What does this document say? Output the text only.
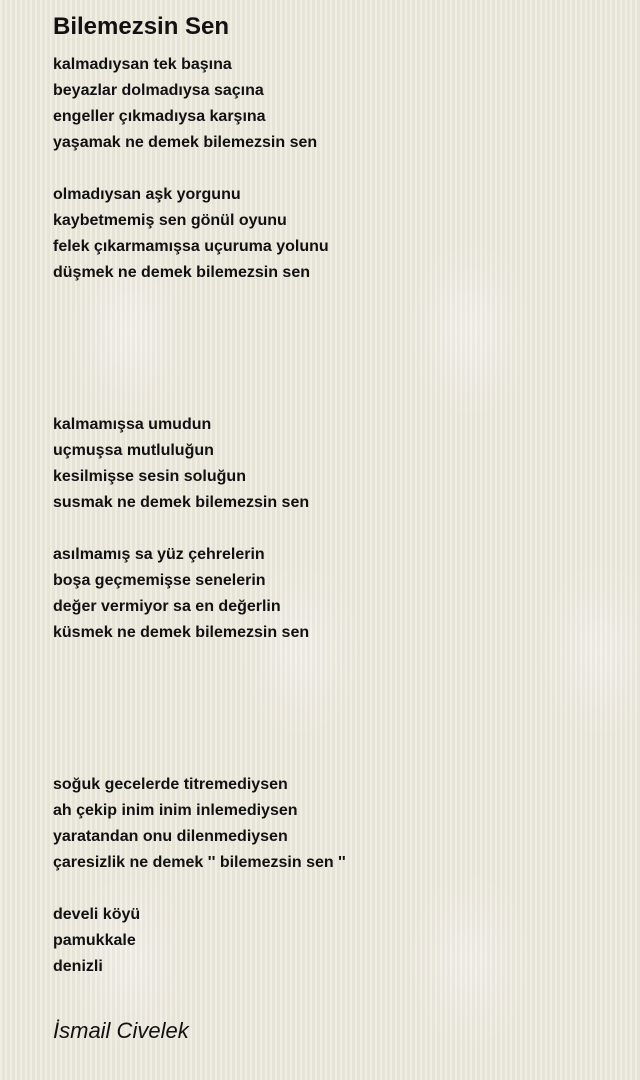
Bilemezsin Sen
kalmadıysan tek başına
beyazlar dolmadıysa saçına
engeller çıkmadıysa karşına
yaşamak ne demek bilemezsin sen
olmadıysan aşk yorgunu
kaybetmemiş sen gönül oyunu
felek çıkarmamışsa uçuruma yolunu
düşmek ne demek bilemezsin sen
kalmamışsa umudun
uçmuşsa mutluluğun
kesilmişse sesin soluğun
susmak ne demek bilemezsin sen
asılmamış sa yüz çehrelerin
boşa geçmemişse senelerin
değer vermiyor sa en değerlin
küsmek ne demek bilemezsin sen
soğuk gecelerde titremediysen
ah çekip inim inim inlemediysen
yaratandan onu dilenmediysen
çaresizlik ne demek '' bilemezsin sen ''
develi köyü
pamukkale
denizli
İsmail Civelek
